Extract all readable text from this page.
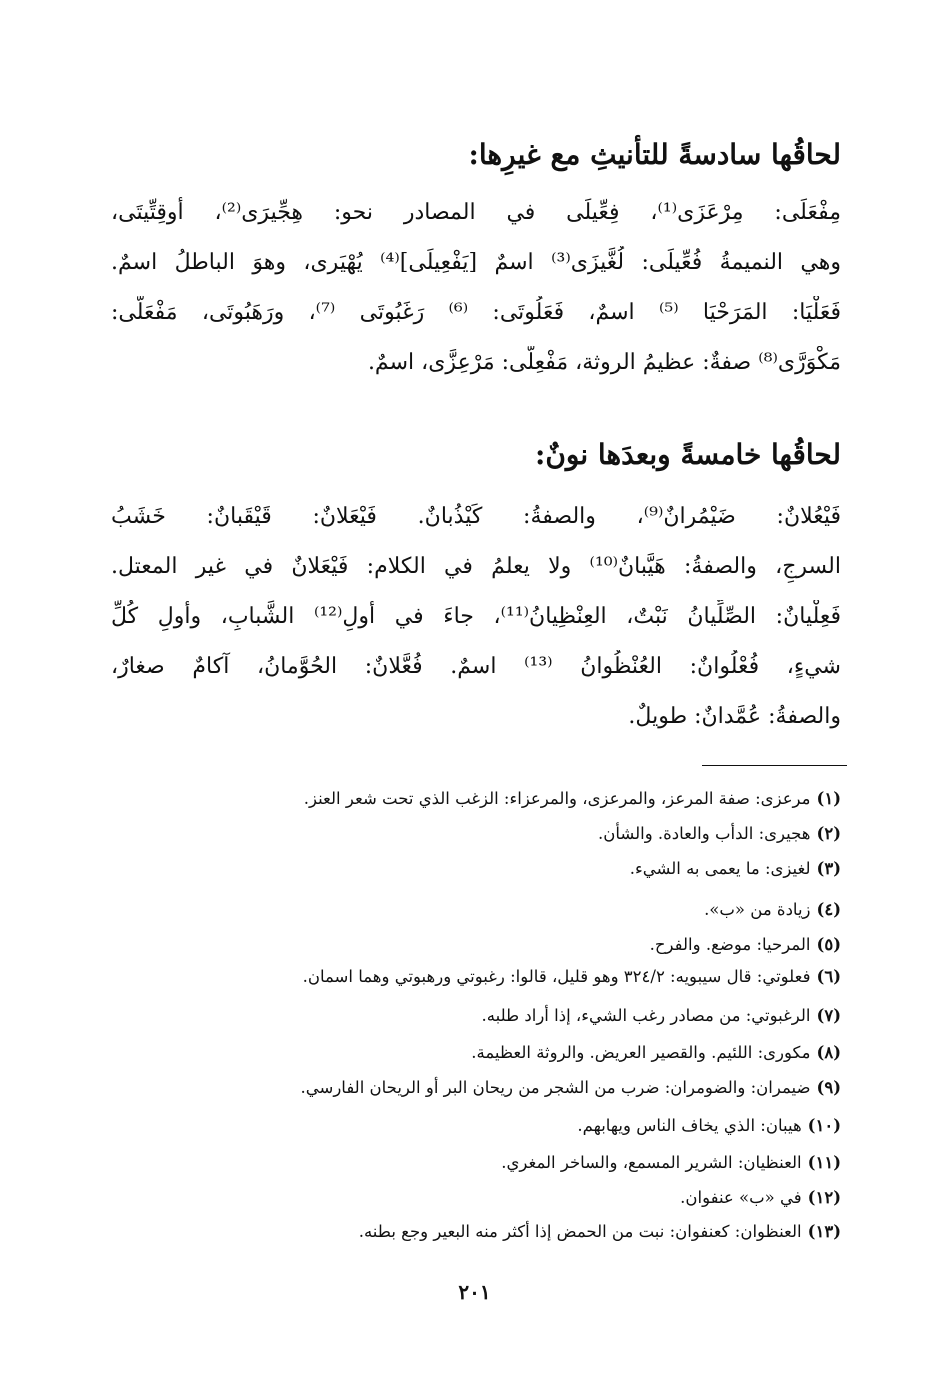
لحاقُها سادسةً للتأنيثِ مع غيرِها:
مِفْعَلَى: مِرْعَزَى⁽¹⁾، فِعِّيلَى في المصادر نحو: هِجِّيرَى⁽²⁾، أوقِتِّيتَى،
وهي النميمةُ فُعِّيلَى: لُغَّيزَى⁽³⁾ اسمٌ [يَفْعِيلَى]⁽⁴⁾ يُهْيَرى، وهوَ الباطلُ اسمٌ.
فَعَلْيَا: المَرَحْيَا ⁽⁵⁾ اسمٌ، فَعَلُوتَى: ⁽⁶⁾ رَغَبُوتَى ⁽⁷⁾، ورَهَبُوتَى، مَفْعَلَّى:
مَكْوَرَّى⁽⁸⁾ صفةٌ: عظيمُ الروثة، مَفْعِلَّى: مَرْعِزَّى، اسمٌ.
لحاقُها خامسةً وبعدَها نونٌ:
فَيْعُلانٌ: ضَيْمُرانٌ⁽⁹⁾، والصفةُ: كَيْذُبانٌ. فَيْعَلانٌ: قَيْقَبانٌ: خَشَبُ
السرجِ، والصفةُ: هَيَّبانٌ⁽¹⁰⁾ ولا يعلمُ في الكلام: فَيْعَلانٌ في غير المعتل.
فَعِلْيانٌ: الصِّلِّيانُ نَبْتٌ، العِنْظِيانُ⁽¹¹⁾، جاءَ في أولِ⁽¹²⁾ الشَّبابِ، وأولِ كُلِّ
شيءٍ، فُعْلُوانٌ: العُنْظُوانُ ⁽¹³⁾ اسمٌ. فُعَّلانٌ: الحُوَّمانُ، آكامٌ صغارٌ،
والصفةُ: عُمَّدانٌ: طويلٌ.
(١)مرعزى: صفة المرعز، والمرعزى، والمرعزاء: الزغب الذي تحت شعر العنز.
(٢)هجيرى: الدأب والعادة. والشأن.
(٣)لغيزى: ما يعمى به الشيء.
(٤)زيادة من «ب».
(٥)المرحيا: موضع. والفرح.
(٦)فعلوتي: قال سيبويه: ٣٢٤/٢ وهو قليل، قالوا: رغبوتي ورهبوتي وهما اسمان.
(٧)الرغبوتي: من مصادر رغب الشيء، إذا أراد طلبه.
(٨)مكورى: اللئيم. والقصير العريض. والروثة العظيمة.
(٩)ضيمران: والضومران: ضرب من الشجر من ريحان البر أو الريحان الفارسي.
(١٠)هيبان: الذي يخاف الناس ويهابهم.
(١١)العنظيان: الشرير المسمع، والساخر المغري.
(١٢)في «ب» عنفوان.
(١٣)العنظوان: كعنفوان: نبت من الحمض إذا أكثر منه البعير وجع بطنه.
٢٠١
